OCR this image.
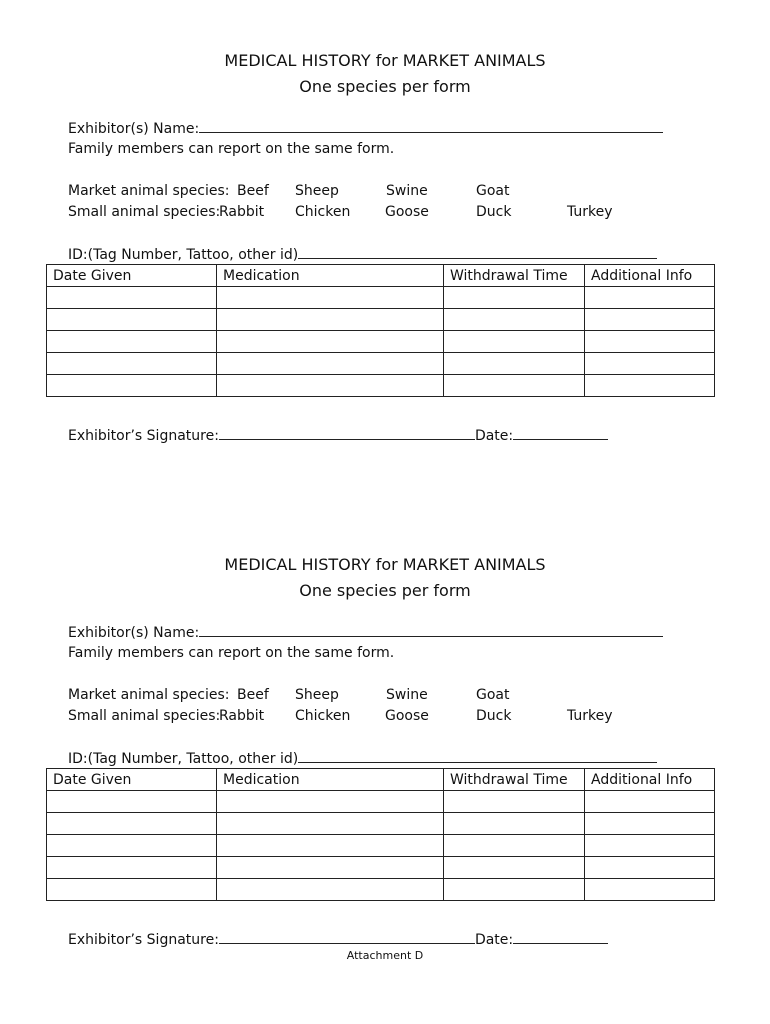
MEDICAL HISTORY for MARKET ANIMALS
One species per form
Exhibitor(s) Name:
Family members can report on the same form.
Market animal species: Beef Sheep	Swine	Goat
Small animal species:
Rabbit Chicken Goose	Duck	Turkey
ID:(Tag Number, Tattoo, other id)
Date Given	Medication	Withdrawal Time	Additional Info

Exhibitor’s Signature:	Date:
MEDICAL HISTORY for MARKET ANIMALS
One species per form
Exhibitor(s) Name:
Family members can report on the same form.
Market animal species: Beef Sheep	Swine	Goat
Small animal species:
Rabbit Chicken Goose	Duck	Turkey
ID:(Tag Number, Tattoo, other id)
Date Given	Medication	Withdrawal Time	Additional Info

Exhibitor’s Signature:	Date:
Attachment D
